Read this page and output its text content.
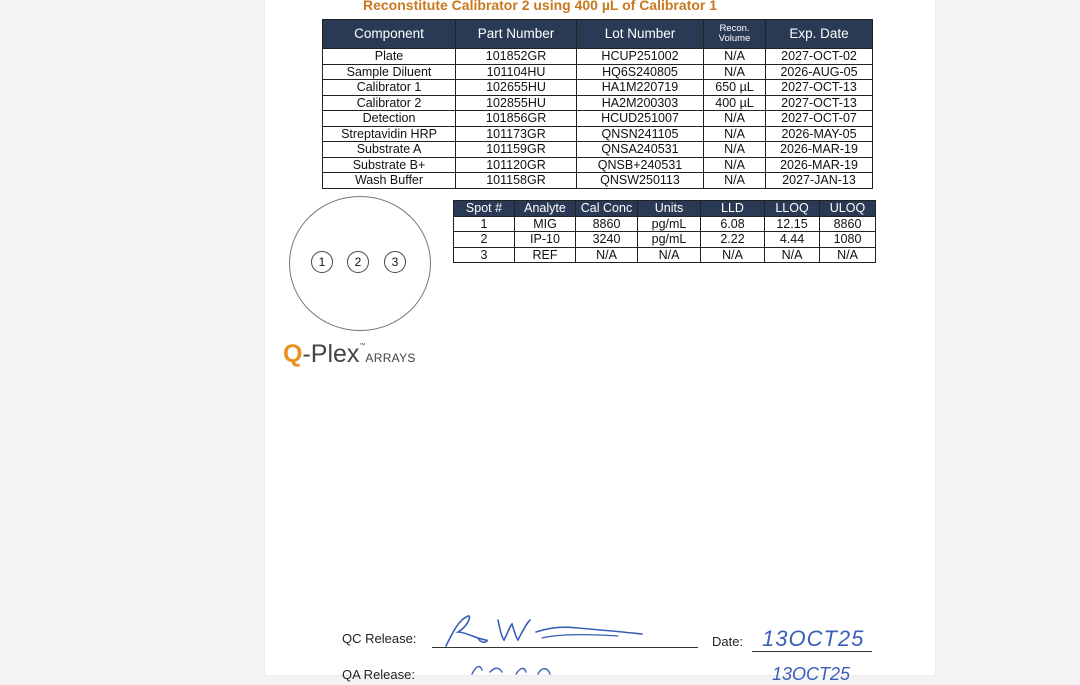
Reconstitute Calibrator 2 using 400 µL of Calibrator 1
Component	Part Number	Lot Number	Recon. Volume	Exp. Date
Plate	101852GR	HCUP251002	N/A	2027-OCT-02
Sample Diluent	101104HU	HQ6S240805	N/A	2026-AUG-05
Calibrator 1	102655HU	HA1M220719	650 µL	2027-OCT-13
Calibrator 2	102855HU	HA2M200303	400 µL	2027-OCT-13
Detection	101856GR	HCUD251007	N/A	2027-OCT-07
Streptavidin HRP	101173GR	QNSN241105	N/A	2026-MAY-05
Substrate A	101159GR	QNSA240531	N/A	2026-MAR-19
Substrate B+	101120GR	QNSB+240531	N/A	2026-MAR-19
Wash Buffer	101158GR	QNSW250113	N/A	2027-JAN-13
1	2	3
Spot #	Analyte	Cal Conc	Units	LLD	LLOQ	ULOQ
1	MIG	8860	pg/mL	6.08	12.15	8860
2	IP-10	3240	pg/mL	2.22	4.44	1080
3	REF	N/A	N/A	N/A	N/A	N/A
Q-Plex™ARRAYS
QC Release:	Date: 13OCT25
QA Release:	13OCT25
